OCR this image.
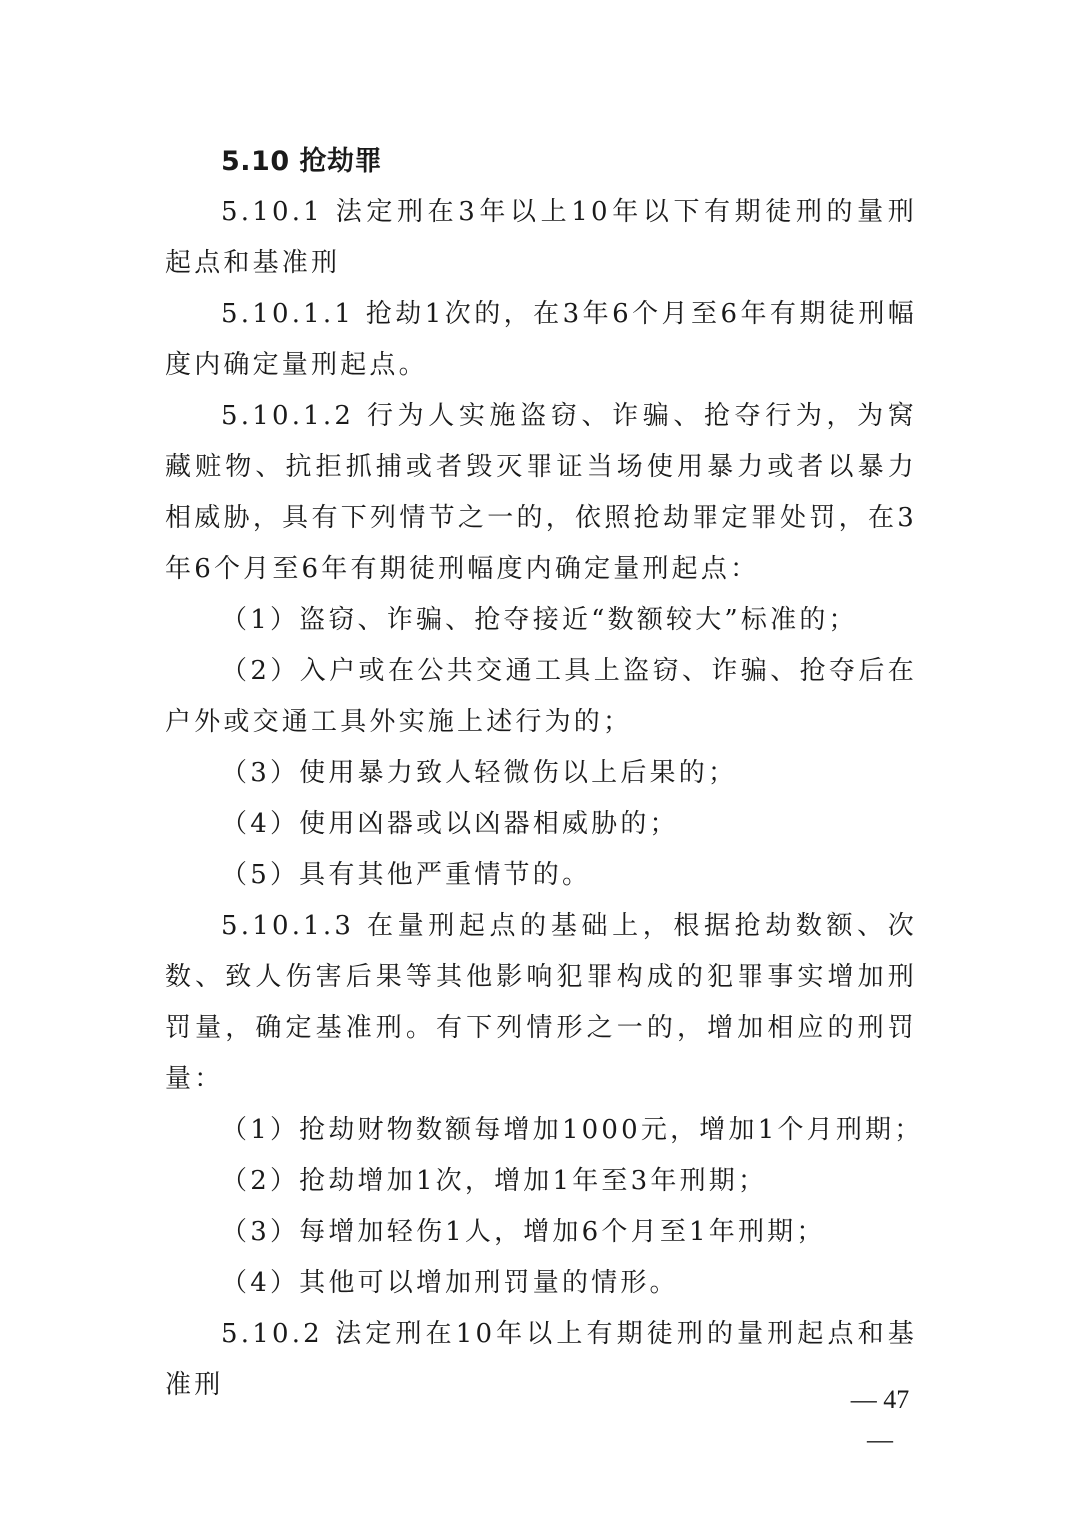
5.10 抢劫罪

5.10.1 法定刑在3年以上10年以下有期徒刑的量刑起点和基准刑

5.10.1.1 抢劫1次的，在3年6个月至6年有期徒刑幅度内确定量刑起点。

5.10.1.2 行为人实施盗窃、诈骗、抢夺行为，为窝藏赃物、抗拒抓捕或者毁灭罪证当场使用暴力或者以暴力相威胁，具有下列情节之一的，依照抢劫罪定罪处罚，在3年6个月至6年有期徒刑幅度内确定量刑起点：

（1）盗窃、诈骗、抢夺接近“数额较大”标准的；

（2）入户或在公共交通工具上盗窃、诈骗、抢夺后在户外或交通工具外实施上述行为的；

（3）使用暴力致人轻微伤以上后果的；

（4）使用凶器或以凶器相威胁的；

（5）具有其他严重情节的。

5.10.1.3 在量刑起点的基础上，根据抢劫数额、次数、致人伤害后果等其他影响犯罪构成的犯罪事实增加刑罚量，确定基准刑。有下列情形之一的，增加相应的刑罚量：

（1）抢劫财物数额每增加1000元，增加1个月刑期；

（2）抢劫增加1次，增加1年至3年刑期；

（3）每增加轻伤1人，增加6个月至1年刑期；

（4）其他可以增加刑罚量的情形。

5.10.2 法定刑在10年以上有期徒刑的量刑起点和基准刑	— 47 —
